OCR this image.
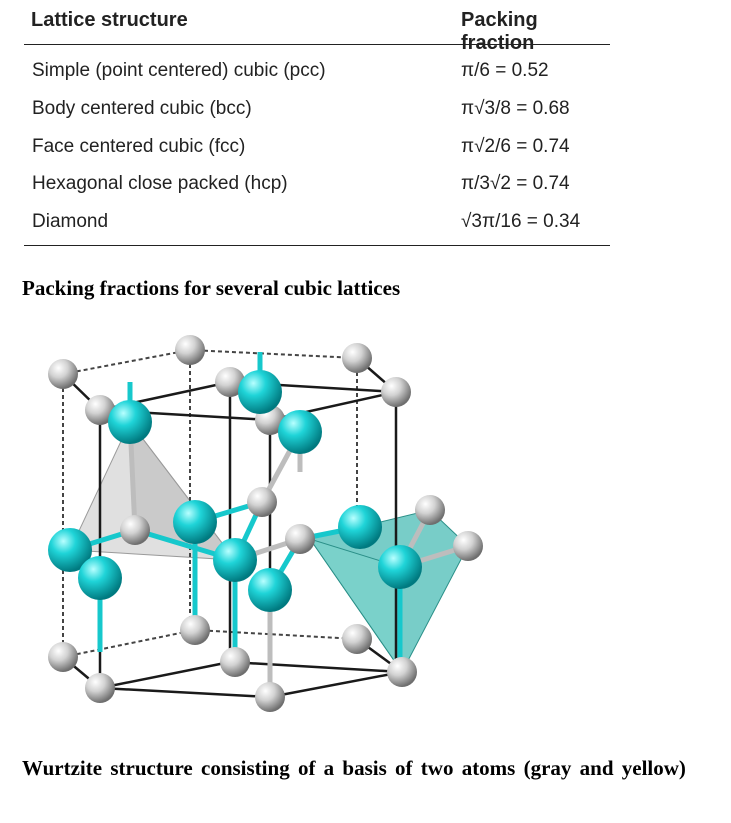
Lattice structure	Packing fraction
Simple (point centered) cubic (pcc)	π/6 = 0.52
Body centered cubic (bcc)	π√3/8 = 0.68
Face centered cubic (fcc)	π√2/6 = 0.74
Hexagonal close packed (hcp)	π/3√2 = 0.74
Diamond	√3π/16 = 0.34
Packing fractions for several cubic lattices
Wurtzite structure consisting of a basis of two atoms (gray and yellow)
